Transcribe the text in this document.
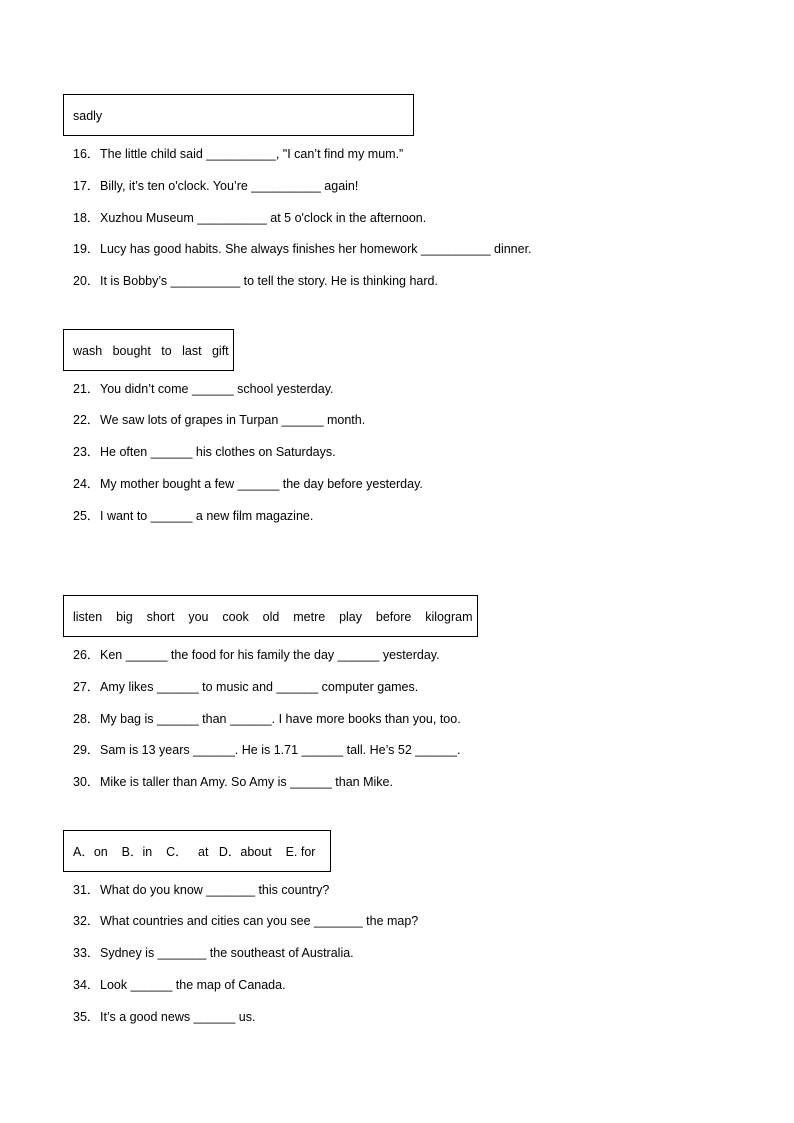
sadly
16．The little child said __________, "I can’t find my mum.”
17．Billy, it’s ten o'clock. You’re __________ again!
18．Xuzhou Museum __________ at 5 o'clock in the afternoon.
19．Lucy has good habits. She always finishes her homework __________ dinner.
20．It is Bobby’s __________ to tell the story. He is thinking hard.
wash   bought   to   last   gift
21．You didn’t come ______ school yesterday.
22．We saw lots of grapes in Turpan ______ month.
23．He often ______ his clothes on Saturdays.
24．My mother bought a few ______ the day before yesterday.
25．I want to ______ a new film magazine.
listen    big    short    you    cook    old    metre    play    before    kilogram
26．Ken ______ the food for his family the day ______ yesterday.
27．Amy likes ______ to music and ______ computer games.
28．My bag is ______ than ______. I have more books than you, too.
29．Sam is 13 years ______. He is 1.71 ______ tall. He’s 52 ______.
30．Mike is taller than Amy. So Amy is ______ than Mike.
A．on    B．in    C．   at   D．about    E. for
31．What do you know _______ this country?
32．What countries and cities can you see _______ the map?
33．Sydney is _______ the southeast of Australia.
34．Look ______ the map of Canada.
35．It’s a good news ______ us.
